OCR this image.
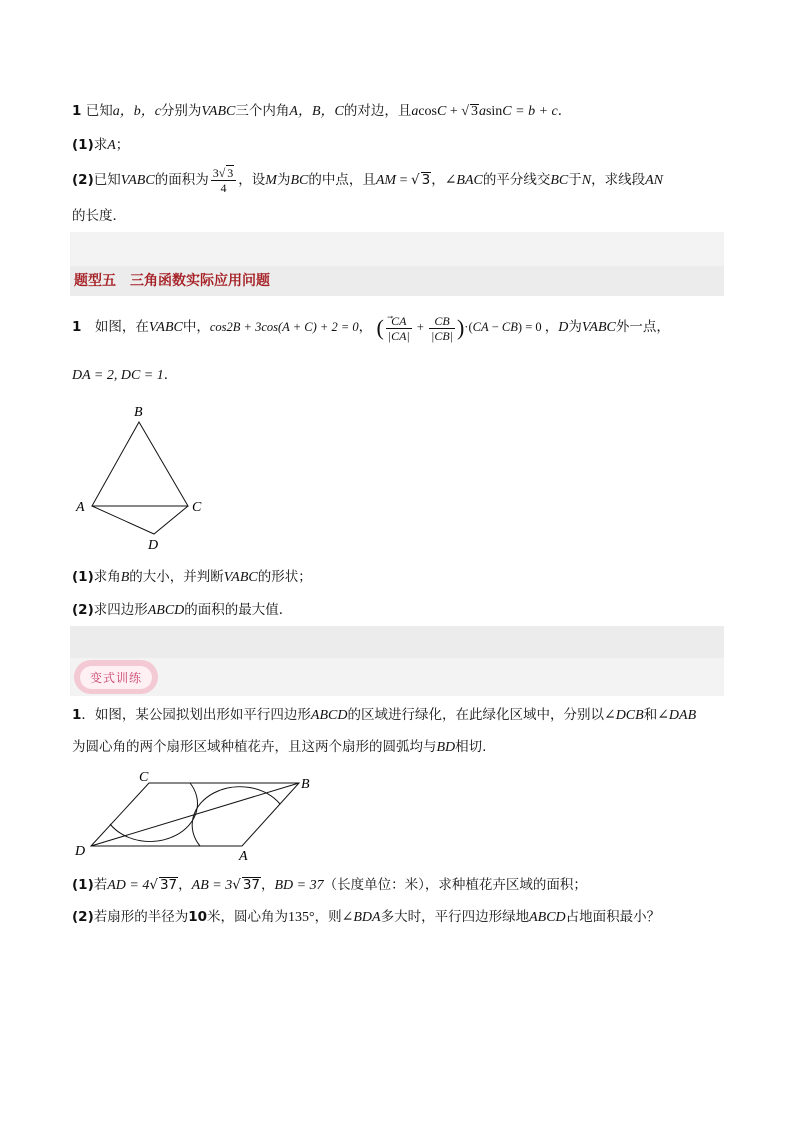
1 已知a，b，c分别为VABC三个内角A，B，C的对边，且acosC + √ 3asinC = b + c．
(1)求A；
(2)已知VABC的面积为 $\frac{3√ 3}{4}$ ，设M为BC的中点，且AM = √ 3，∠BAC的平分线交BC于N，求线段AN
的长度．
题型五　三角函数实际应用问题
1　如图，在VABC中，cos2B + 3cos(A + C) + 2 = 0， ( $\frac{CA}{|CA|} + \frac{CB}{|CB|} )\cdot(CA - CB) = 0$ ，D为VABC外一点，
DA = 2, DC = 1．
B
A	C
D
(1)求角B的大小，并判断VABC的形状；
(2)求四边形ABCD的面积的最大值．
变式训练
1．如图，某公园拟划出形如平行四边形ABCD的区域进行绿化，在此绿化区域中，分别以∠DCB和∠DAB
为圆心角的两个扇形区域种植花卉，且这两个扇形的圆弧均与BD相切.
C	B
D	A
(1)若AD = 4√ 37，AB = 3√ 37，BD = 37（长度单位：米），求种植花卉区域的面积；
(2)若扇形的半径为10米，圆心角为135°，则∠BDA多大时，平行四边形绿地ABCD占地面积最小？
